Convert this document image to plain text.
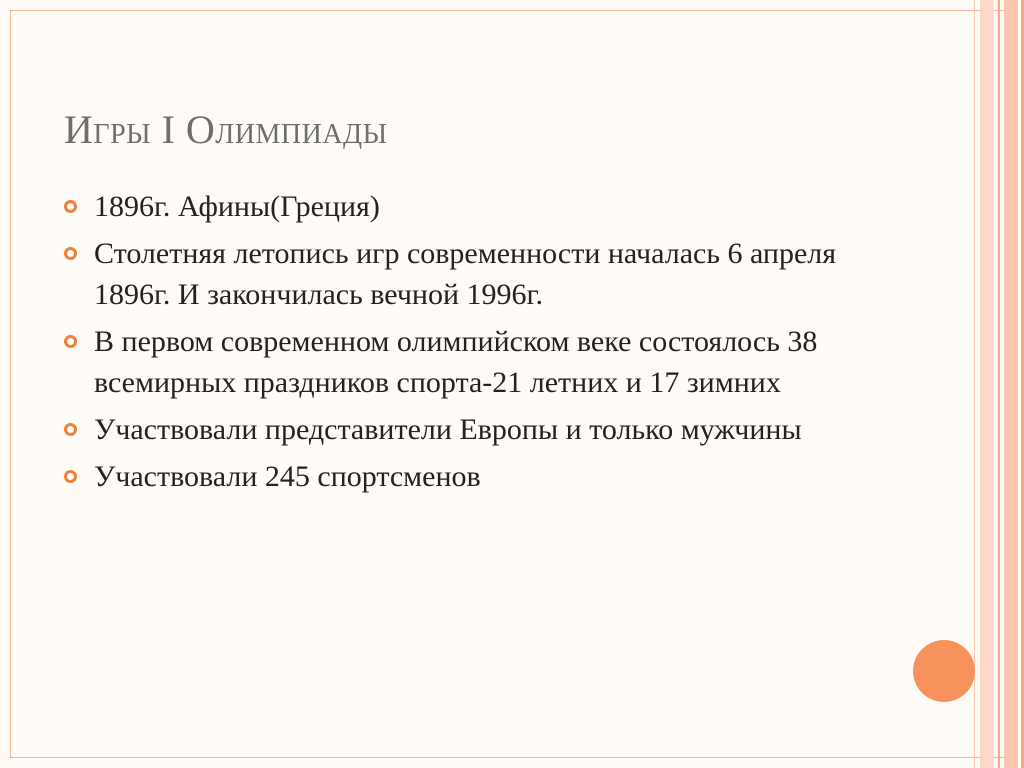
Игры I Олимпиады
1896г. Афины(Греция)
Столетняя летопись игр современности началась 6 апреля 1896г. И закончилась вечной 1996г.
В первом современном олимпийском веке состоялось 38 всемирных праздников спорта-21 летних и 17 зимних
Участвовали представители Европы и только мужчины
Участвовали 245 спортсменов
